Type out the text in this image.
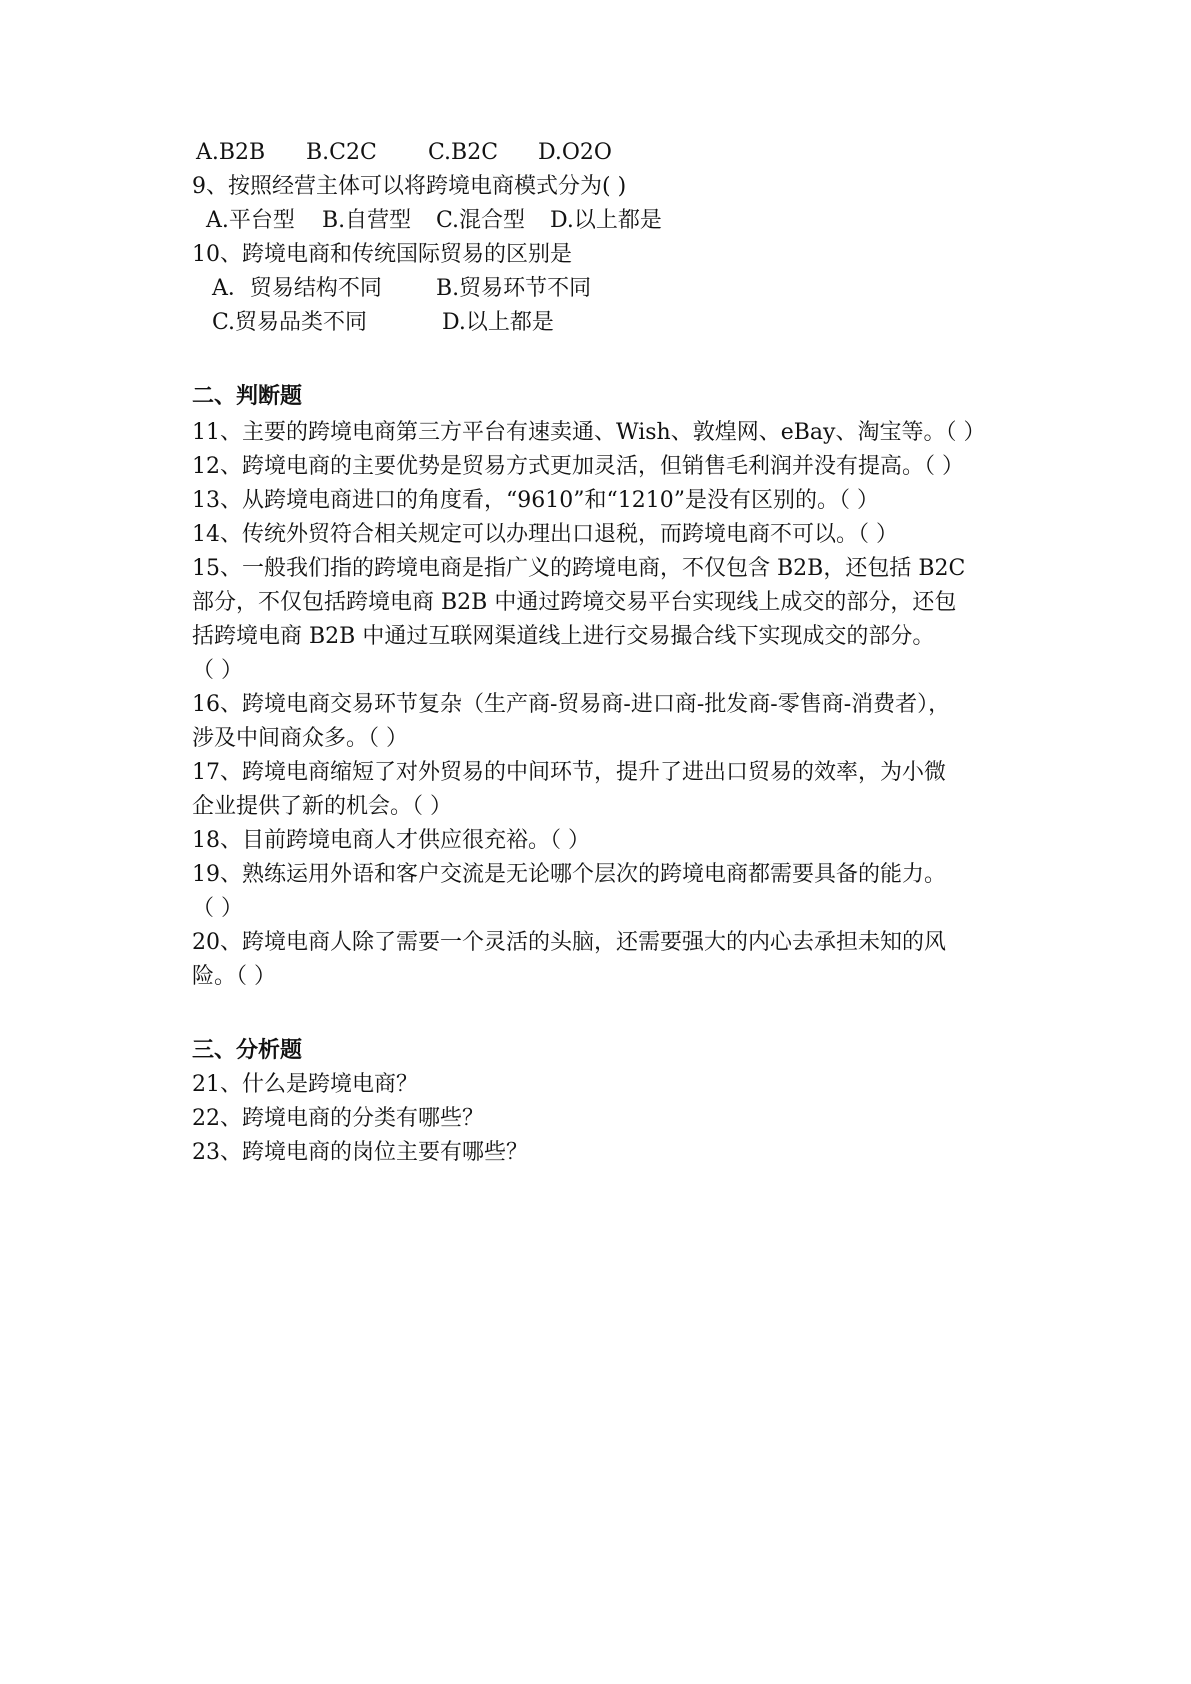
A.B2B B.C2C C.B2C D.O2O
9、按照经营主体可以将跨境电商模式分为( )
A.平台型 B.自营型 C.混合型 D.以上都是
10、跨境电商和传统国际贸易的区别是
A．贸易结构不同 B.贸易环节不同
C.贸易品类不同	D.以上都是
二、判断题
11、主要的跨境电商第三方平台有速卖通、Wish、敦煌网、eBay、淘宝等。（ ）
12、跨境电商的主要优势是贸易方式更加灵活，但销售毛利润并没有提高。（ ）
13、从跨境电商进口的角度看，“9610”和“1210”是没有区别的。（ ）
14、传统外贸符合相关规定可以办理出口退税，而跨境电商不可以。（ ）
15、一般我们指的跨境电商是指广义的跨境电商，不仅包含 B2B，还包括 B2C
部分，不仅包括跨境电商 B2B 中通过跨境交易平台实现线上成交的部分，还包
括跨境电商 B2B 中通过互联网渠道线上进行交易撮合线下实现成交的部分。
（ ）
16、跨境电商交易环节复杂（生产商-贸易商-进口商-批发商-零售商-消费者），
涉及中间商众多。（ ）
17、跨境电商缩短了对外贸易的中间环节，提升了进出口贸易的效率，为小微
企业提供了新的机会。（ ）
18、目前跨境电商人才供应很充裕。（ ）
19、熟练运用外语和客户交流是无论哪个层次的跨境电商都需要具备的能力。
（ ）
20、跨境电商人除了需要一个灵活的头脑，还需要强大的内心去承担未知的风
险。（ ）
三、分析题
21、什么是跨境电商？
22、跨境电商的分类有哪些？
23、跨境电商的岗位主要有哪些？
